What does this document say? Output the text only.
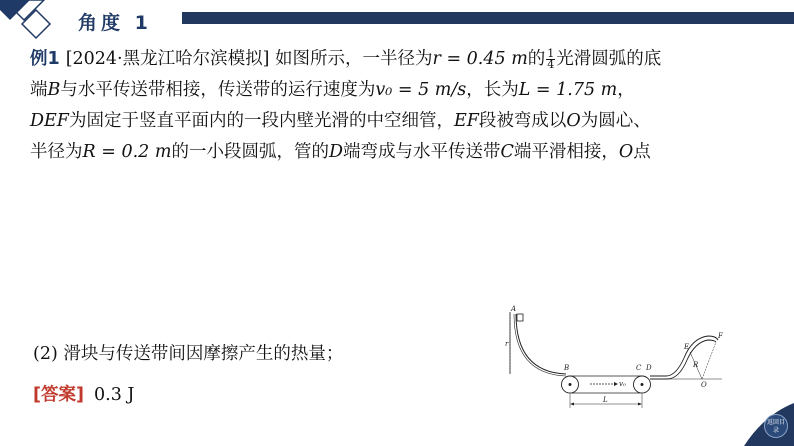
角度 1
例1 [2024·黑龙江哈尔滨模拟] 如图所示，一半径为r = 0.45 m的 $\frac{1}{4}$ 光滑圆弧的底
端B与水平传送带相接，传送带的运行速度为v₀ = 5 m/s，长为L = 1.75 m，
DEF为固定于竖直平面内的一段内壁光滑的中空细管，EF段被弯成以O为圆心、
半径为R = 0.2 m的一小段圆弧，管的D端弯成与水平传送带C端平滑相接，O点
(2) 滑块与传送带间因摩擦产生的热量；
[答案] 0.3 J
A
r
B
v₀
C
L
D
E
F
R
O
返回目录
